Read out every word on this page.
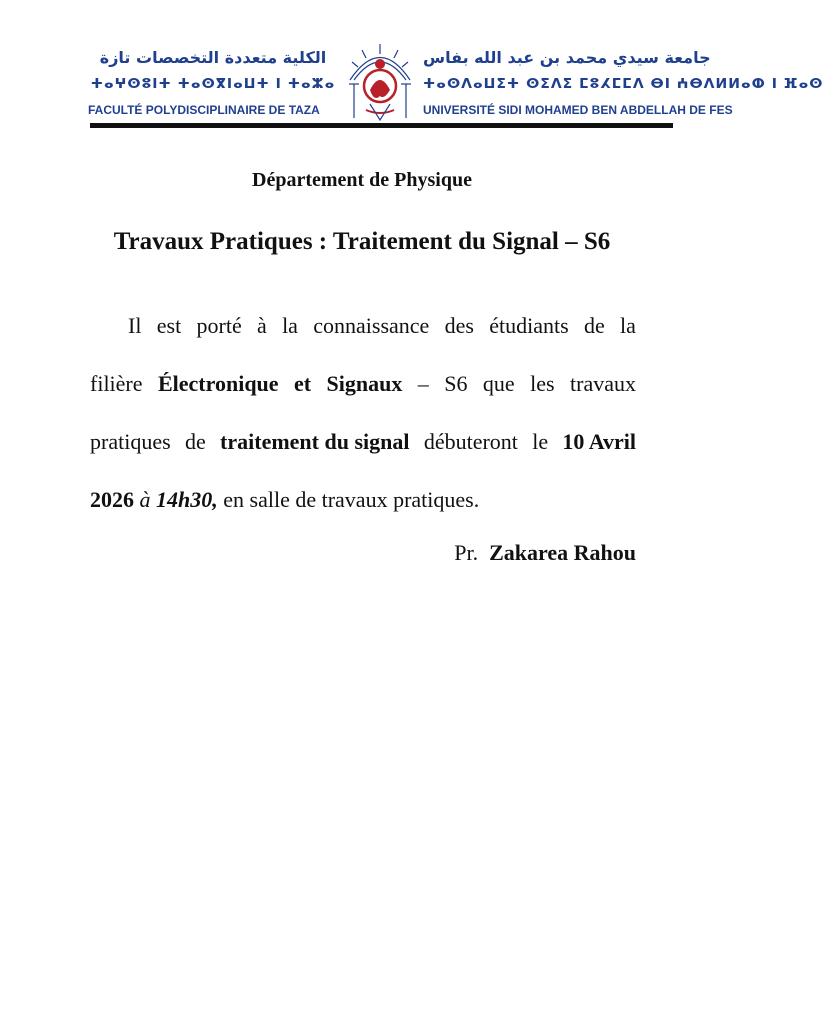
الكلية متعددة التخصصات تازة
ⵜⴰⵖⵙⵓⵏⵜ ⵜⴰⵙⴳⵏⴰⵡⵜ ⵏ ⵜⴰⵣⴰ
FACULTÉ POLYDISCIPLINAIRE DE TAZA
جامعة سيدي محمد بن عبد الله بفاس
ⵜⴰⵙⴷⴰⵡⵉⵜ ⵙⵉⴷⵉ ⵎⵓⵃⵎⵎⴷ ⴱⵏ ⵄⴱⴷⵍⵍⴰⵀ ⵏ ⴼⴰⵙ
UNIVERSITÉ SIDI MOHAMED BEN ABDELLAH DE FES
Département de Physique
Travaux Pratiques : Traitement du Signal – S6
Il est porté à la connaissance des étudiants de la
filière Électronique et Signaux – S6 que les travaux
pratiques de traitement du signal débuteront le 10 Avril
2026
à
14h30,
en salle de travaux pratiques.
Pr. Zakarea Rahou
